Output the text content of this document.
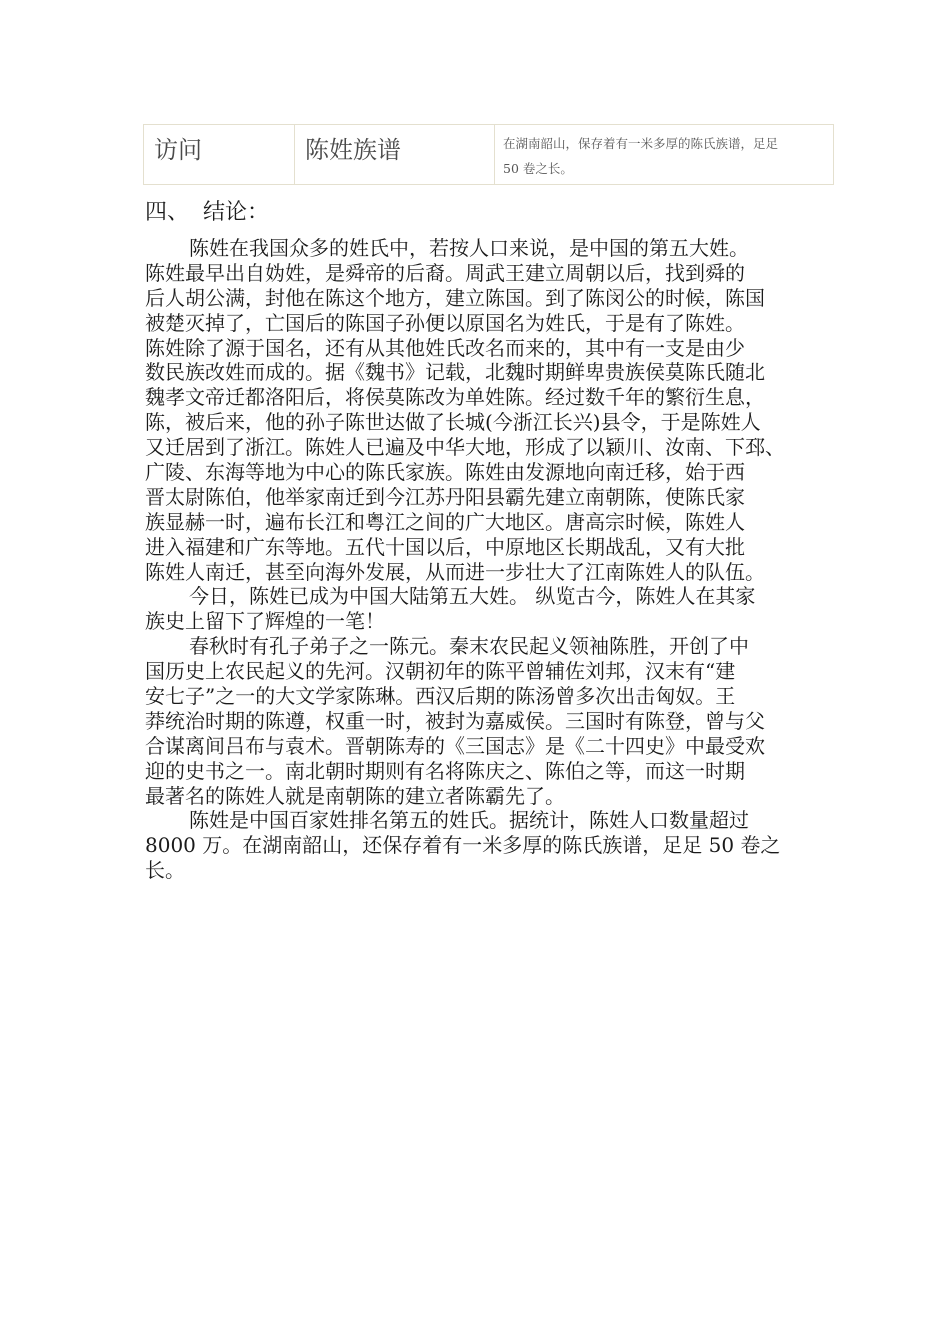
访问	陈姓族谱	在湖南韶山，保存着有一米多厚的陈氏族谱，足足
50 卷之长。
四、  结论：
陈姓在我国众多的姓氏中，若按人口来说，是中国的第五大姓。
陈姓最早出自妫姓，是舜帝的后裔。周武王建立周朝以后，找到舜的
后人胡公满，封他在陈这个地方，建立陈国。到了陈闵公的时候，陈国
被楚灭掉了，亡国后的陈国子孙便以原国名为姓氏，于是有了陈姓。
陈姓除了源于国名，还有从其他姓氏改名而来的，其中有一支是由少
数民族改姓而成的。据《魏书》记载，北魏时期鲜卑贵族侯莫陈氏随北
魏孝文帝迁都洛阳后，将侯莫陈改为单姓陈。经过数千年的繁衍生息，
陈，被后来，他的孙子陈世达做了长城(今浙江长兴)县令，于是陈姓人
又迁居到了浙江。陈姓人已遍及中华大地，形成了以颖川、汝南、下邳、
广陵、东海等地为中心的陈氏家族。陈姓由发源地向南迁移，始于西
晋太尉陈伯，他举家南迁到今江苏丹阳县霸先建立南朝陈，使陈氏家
族显赫一时，遍布长江和粤江之间的广大地区。唐高宗时候，陈姓人
进入福建和广东等地。五代十国以后，中原地区长期战乱，又有大批
陈姓人南迁，甚至向海外发展，从而进一步壮大了江南陈姓人的队伍。
今日，陈姓已成为中国大陆第五大姓。 纵览古今，陈姓人在其家
族史上留下了辉煌的一笔！
春秋时有孔子弟子之一陈元。秦末农民起义领袖陈胜，开创了中
国历史上农民起义的先河。汉朝初年的陈平曾辅佐刘邦，汉末有“建
安七子”之一的大文学家陈琳。西汉后期的陈汤曾多次出击匈奴。王
莽统治时期的陈遵，权重一时，被封为嘉威侯。三国时有陈登，曾与父
合谋离间吕布与袁术。晋朝陈寿的《三国志》是《二十四史》中最受欢
迎的史书之一。南北朝时期则有名将陈庆之、陈伯之等，而这一时期
最著名的陈姓人就是南朝陈的建立者陈霸先了。
陈姓是中国百家姓排名第五的姓氏。据统计，陈姓人口数量超过
8000 万。在湖南韶山，还保存着有一米多厚的陈氏族谱，足足 50 卷之
长。
